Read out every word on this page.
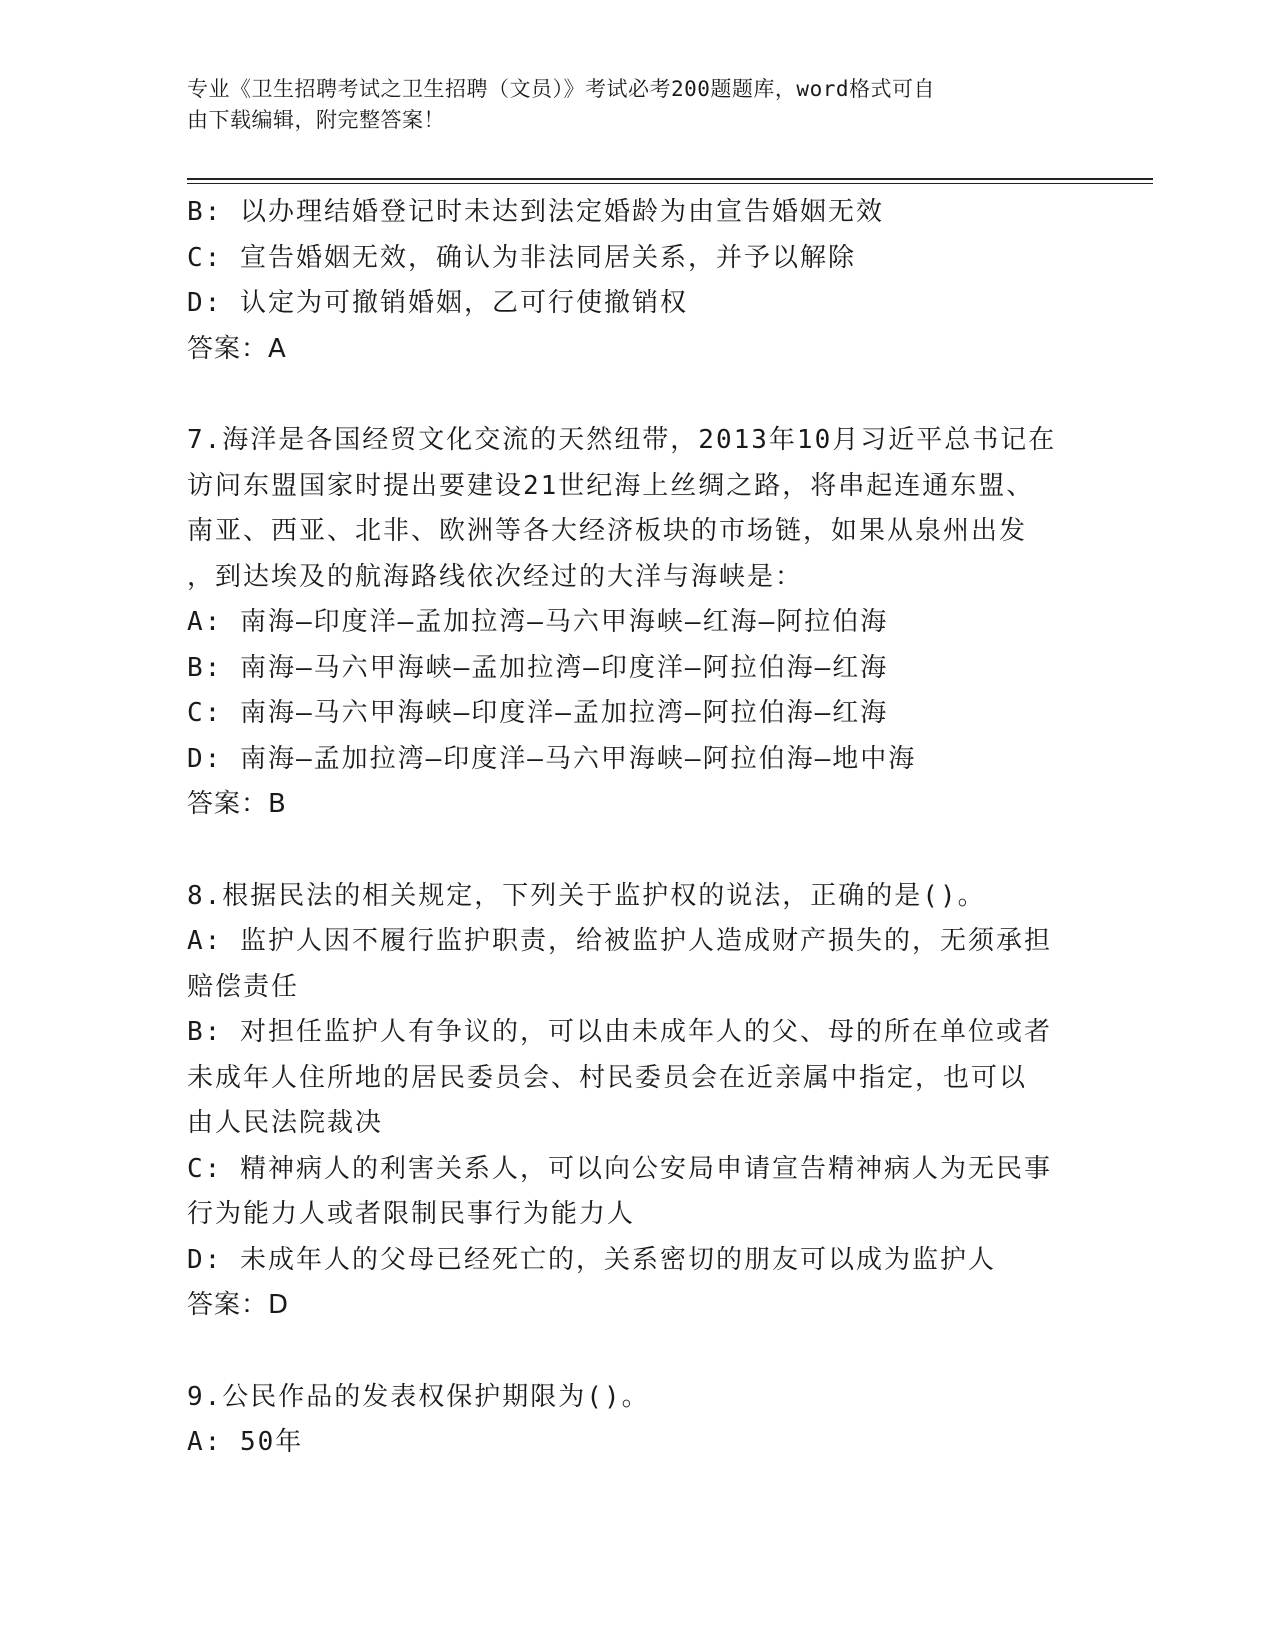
专业《卫生招聘考试之卫生招聘（文员）》考试必考200题题库，word格式可自
由下载编辑，附完整答案！
B: 以办理结婚登记时未达到法定婚龄为由宣告婚姻无效
C: 宣告婚姻无效，确认为非法同居关系，并予以解除
D: 认定为可撤销婚姻，乙可行使撤销权
答案：A
7.海洋是各国经贸文化交流的天然纽带，2013年10月习近平总书记在
访问东盟国家时提出要建设21世纪海上丝绸之路，将串起连通东盟、
南亚、西亚、北非、欧洲等各大经济板块的市场链，如果从泉州出发
，到达埃及的航海路线依次经过的大洋与海峡是：
A: 南海—印度洋—孟加拉湾—马六甲海峡—红海—阿拉伯海
B: 南海—马六甲海峡—孟加拉湾—印度洋—阿拉伯海—红海
C: 南海—马六甲海峡—印度洋—孟加拉湾—阿拉伯海—红海
D: 南海—孟加拉湾—印度洋—马六甲海峡—阿拉伯海—地中海
答案：B
8.根据民法的相关规定，下列关于监护权的说法，正确的是()。
A: 监护人因不履行监护职责，给被监护人造成财产损失的，无须承担
赔偿责任
B: 对担任监护人有争议的，可以由未成年人的父、母的所在单位或者
未成年人住所地的居民委员会、村民委员会在近亲属中指定，也可以
由人民法院裁决
C: 精神病人的利害关系人，可以向公安局申请宣告精神病人为无民事
行为能力人或者限制民事行为能力人
D: 未成年人的父母已经死亡的，关系密切的朋友可以成为监护人
答案：D
9.公民作品的发表权保护期限为()。
A: 50年
